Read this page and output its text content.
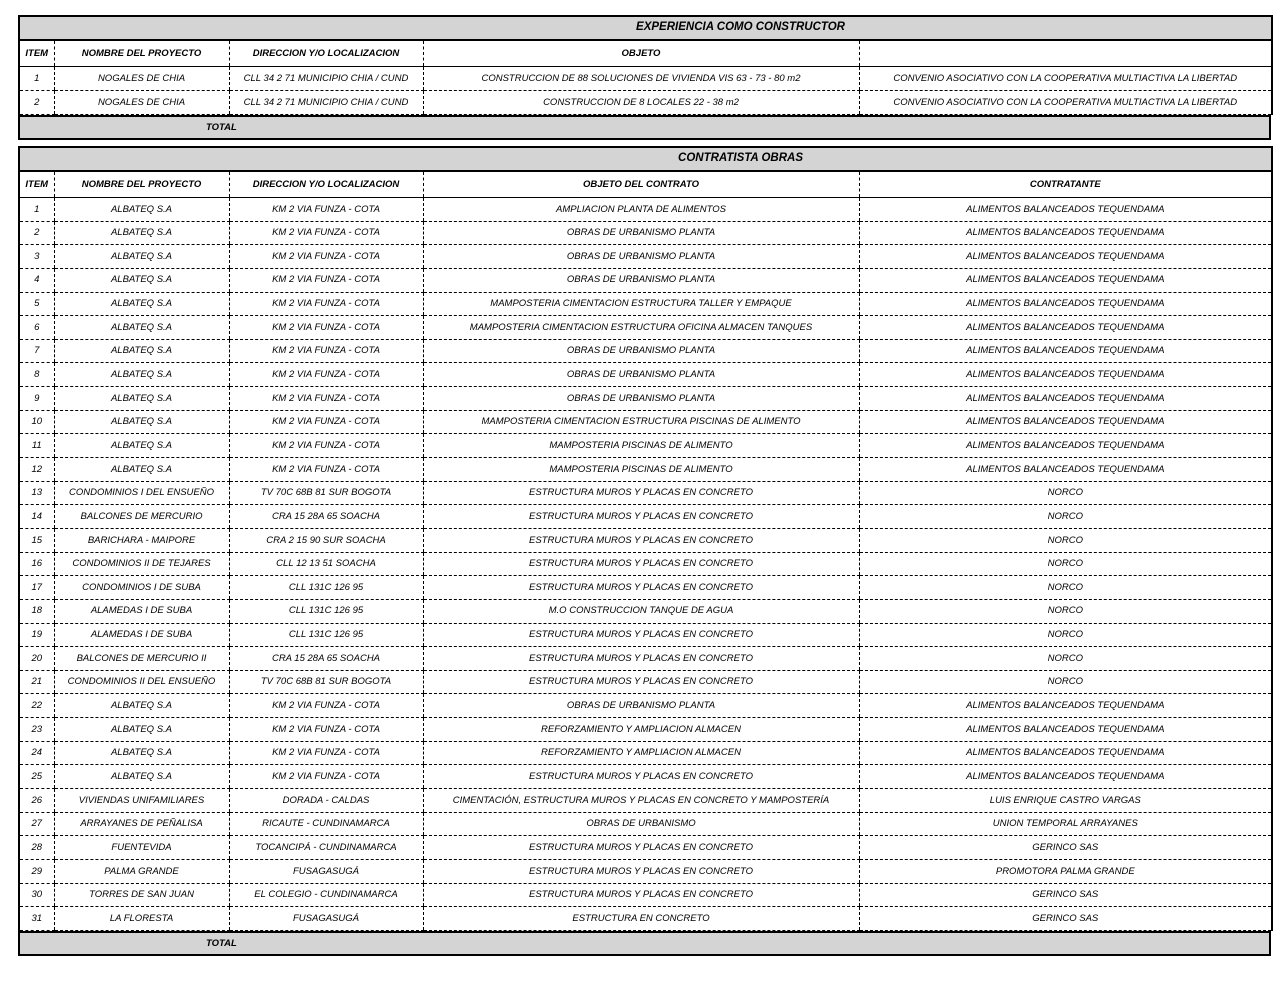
EXPERIENCIA COMO CONSTRUCTOR				
ITEM	NOMBRE DEL PROYECTO	DIRECCION Y/O LOCALIZACION	OBJETO	
1	NOGALES DE CHIA	CLL 34 2 71 MUNICIPIO CHIA / CUND	CONSTRUCCION DE 88 SOLUCIONES DE VIVIENDA VIS 63 - 73 - 80 m2	CONVENIO ASOCIATIVO CON LA COOPERATIVA MULTIACTIVA LA LIBERTAD
2	NOGALES DE CHIA	CLL 34 2 71 MUNICIPIO CHIA / CUND	CONSTRUCCION DE 8 LOCALES 22 - 38 m2	CONVENIO ASOCIATIVO CON LA COOPERATIVA MULTIACTIVA LA LIBERTAD
TOTAL
CONTRATISTA OBRAS				
ITEM	NOMBRE DEL PROYECTO	DIRECCION Y/O LOCALIZACION	OBJETO DEL CONTRATO	CONTRATANTE
1	ALBATEQ S.A	KM 2 VIA FUNZA - COTA	AMPLIACION PLANTA DE ALIMENTOS	ALIMENTOS BALANCEADOS TEQUENDAMA
2	ALBATEQ S.A	KM 2 VIA FUNZA - COTA	OBRAS DE URBANISMO PLANTA	ALIMENTOS BALANCEADOS TEQUENDAMA
3	ALBATEQ S.A	KM 2 VIA FUNZA - COTA	OBRAS DE URBANISMO PLANTA	ALIMENTOS BALANCEADOS TEQUENDAMA
4	ALBATEQ S.A	KM 2 VIA FUNZA - COTA	OBRAS DE URBANISMO PLANTA	ALIMENTOS BALANCEADOS TEQUENDAMA
5	ALBATEQ S.A	KM 2 VIA FUNZA - COTA	MAMPOSTERIA CIMENTACION ESTRUCTURA TALLER Y EMPAQUE	ALIMENTOS BALANCEADOS TEQUENDAMA
6	ALBATEQ S.A	KM 2 VIA FUNZA - COTA	MAMPOSTERIA CIMENTACION ESTRUCTURA OFICINA ALMACEN TANQUES	ALIMENTOS BALANCEADOS TEQUENDAMA
7	ALBATEQ S.A	KM 2 VIA FUNZA - COTA	OBRAS DE URBANISMO PLANTA	ALIMENTOS BALANCEADOS TEQUENDAMA
8	ALBATEQ S.A	KM 2 VIA FUNZA - COTA	OBRAS DE URBANISMO PLANTA	ALIMENTOS BALANCEADOS TEQUENDAMA
9	ALBATEQ S.A	KM 2 VIA FUNZA - COTA	OBRAS DE URBANISMO PLANTA	ALIMENTOS BALANCEADOS TEQUENDAMA
10	ALBATEQ S.A	KM 2 VIA FUNZA - COTA	MAMPOSTERIA CIMENTACION ESTRUCTURA PISCINAS DE ALIMENTO	ALIMENTOS BALANCEADOS TEQUENDAMA
11	ALBATEQ S.A	KM 2 VIA FUNZA - COTA	MAMPOSTERIA PISCINAS DE ALIMENTO	ALIMENTOS BALANCEADOS TEQUENDAMA
12	ALBATEQ S.A	KM 2 VIA FUNZA - COTA	MAMPOSTERIA PISCINAS DE ALIMENTO	ALIMENTOS BALANCEADOS TEQUENDAMA
13	CONDOMINIOS I DEL ENSUEÑO	TV 70C 68B 81 SUR BOGOTA	ESTRUCTURA MUROS Y PLACAS EN CONCRETO	NORCO
14	BALCONES DE MERCURIO	CRA 15 28A 65 SOACHA	ESTRUCTURA MUROS Y PLACAS EN CONCRETO	NORCO
15	BARICHARA - MAIPORE	CRA 2 15 90 SUR SOACHA	ESTRUCTURA MUROS Y PLACAS EN CONCRETO	NORCO
16	CONDOMINIOS II DE TEJARES	CLL 12 13 51 SOACHA	ESTRUCTURA MUROS Y PLACAS EN CONCRETO	NORCO
17	CONDOMINIOS I DE SUBA	CLL 131C 126 95	ESTRUCTURA MUROS Y PLACAS EN CONCRETO	NORCO
18	ALAMEDAS I DE SUBA	CLL 131C 126 95	M.O CONSTRUCCION TANQUE DE AGUA	NORCO
19	ALAMEDAS I DE SUBA	CLL 131C 126 95	ESTRUCTURA MUROS Y PLACAS EN CONCRETO	NORCO
20	BALCONES DE MERCURIO II	CRA 15 28A 65 SOACHA	ESTRUCTURA MUROS Y PLACAS EN CONCRETO	NORCO
21	CONDOMINIOS II DEL ENSUEÑO	TV 70C 68B 81 SUR BOGOTA	ESTRUCTURA MUROS Y PLACAS EN CONCRETO	NORCO
22	ALBATEQ S.A	KM 2 VIA FUNZA - COTA	OBRAS DE URBANISMO PLANTA	ALIMENTOS BALANCEADOS TEQUENDAMA
23	ALBATEQ S.A	KM 2 VIA FUNZA - COTA	REFORZAMIENTO Y AMPLIACION ALMACEN	ALIMENTOS BALANCEADOS TEQUENDAMA
24	ALBATEQ S.A	KM 2 VIA FUNZA - COTA	REFORZAMIENTO Y AMPLIACION ALMACEN	ALIMENTOS BALANCEADOS TEQUENDAMA
25	ALBATEQ S.A	KM 2 VIA FUNZA - COTA	ESTRUCTURA MUROS Y PLACAS EN CONCRETO	ALIMENTOS BALANCEADOS TEQUENDAMA
26	VIVIENDAS UNIFAMILIARES	DORADA - CALDAS	CIMENTACIÓN, ESTRUCTURA MUROS Y PLACAS EN CONCRETO Y MAMPOSTERÍA	LUIS ENRIQUE CASTRO VARGAS
27	ARRAYANES DE PEÑALISA	RICAUTE - CUNDINAMARCA	OBRAS DE URBANISMO	UNION TEMPORAL ARRAYANES
28	FUENTEVIDA	TOCANCIPÁ - CUNDINAMARCA	ESTRUCTURA MUROS Y PLACAS EN CONCRETO	GERINCO SAS
29	PALMA GRANDE	FUSAGASUGÁ	ESTRUCTURA MUROS Y PLACAS EN CONCRETO	PROMOTORA PALMA GRANDE
30	TORRES DE SAN JUAN	EL COLEGIO - CUNDINAMARCA	ESTRUCTURA MUROS Y PLACAS EN CONCRETO	GERINCO SAS
31	LA FLORESTA	FUSAGASUGÁ	ESTRUCTURA EN CONCRETO	GERINCO SAS
TOTAL
